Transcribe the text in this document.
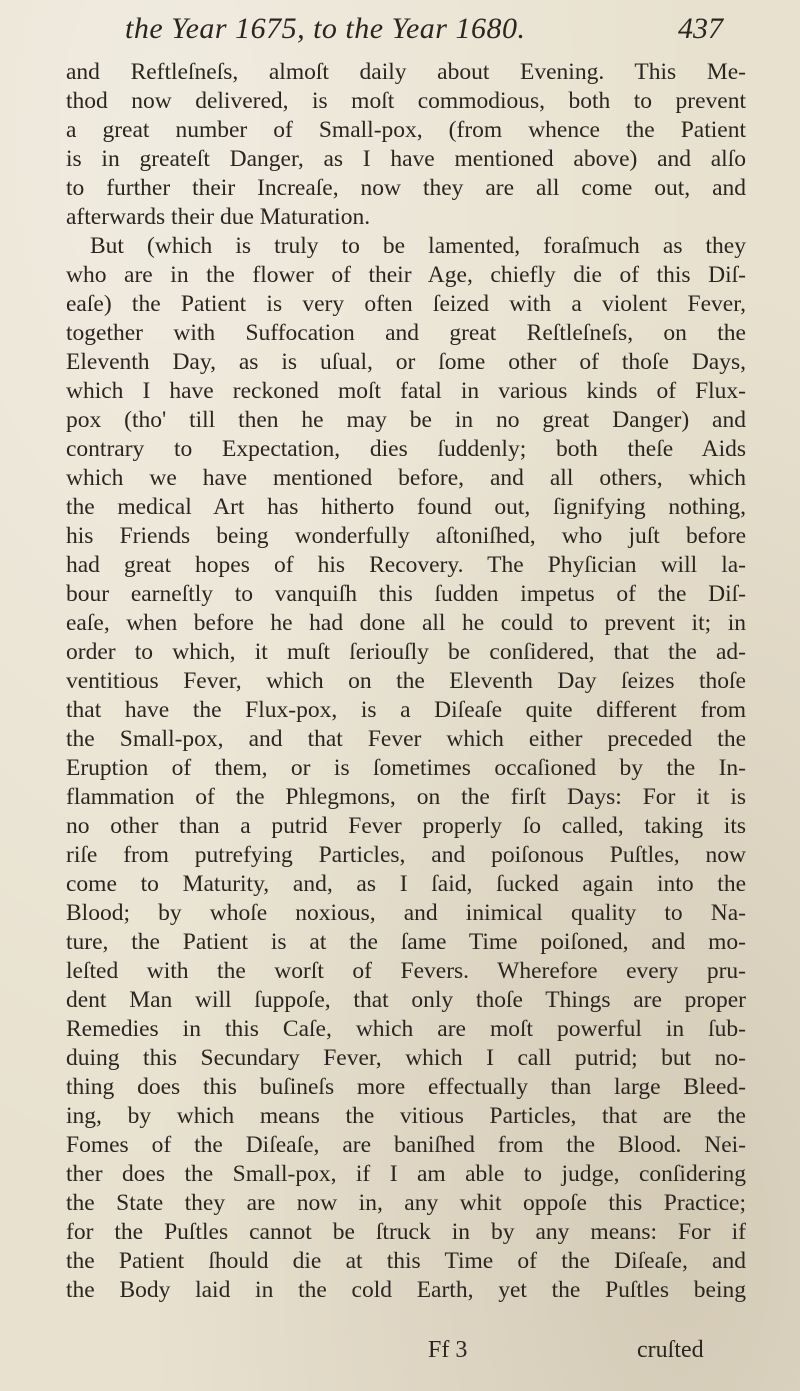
the Year 1675, to the Year 1680.	437
and Reftleſneſs, almoſt daily about Evening. This Me-
thod now delivered, is moſt commodious, both to prevent
a great number of Small-pox, (from whence the Patient
is in greateſt Danger, as I have mentioned above) and alſo
to further their Increaſe, now they are all come out, and
afterwards their due Maturation.
But (which is truly to be lamented, foraſmuch as they
who are in the flower of their Age, chiefly die of this Diſ-
eaſe) the Patient is very often ſeized with a violent Fever,
together with Suffocation and great Reſtleſneſs, on the
Eleventh Day, as is uſual, or ſome other of thoſe Days,
which I have reckoned moſt fatal in various kinds of Flux-
pox (tho' till then he may be in no great Danger) and
contrary to Expectation, dies ſuddenly; both theſe Aids
which we have mentioned before, and all others, which
the medical Art has hitherto found out, ſignifying nothing,
his Friends being wonderfully aſtoniſhed, who juſt before
had great hopes of his Recovery. The Phyſician will la-
bour earneſtly to vanquiſh this ſudden impetus of the Diſ-
eaſe, when before he had done all he could to prevent it; in
order to which, it muſt ſeriouſly be conſidered, that the ad-
ventitious Fever, which on the Eleventh Day ſeizes thoſe
that have the Flux-pox, is a Diſeaſe quite different from
the Small-pox, and that Fever which either preceded the
Eruption of them, or is ſometimes occaſioned by the In-
flammation of the Phlegmons, on the firſt Days: For it is
no other than a putrid Fever properly ſo called, taking its
riſe from putrefying Particles, and poiſonous Puſtles, now
come to Maturity, and, as I ſaid, ſucked again into the
Blood; by whoſe noxious, and inimical quality to Na-
ture, the Patient is at the ſame Time poiſoned, and mo-
leſted with the worſt of Fevers. Wherefore every pru-
dent Man will ſuppoſe, that only thoſe Things are proper
Remedies in this Caſe, which are moſt powerful in ſub-
duing this Secundary Fever, which I call putrid; but no-
thing does this buſineſs more effectually than large Bleed-
ing, by which means the vitious Particles, that are the
Fomes of the Diſeaſe, are baniſhed from the Blood. Nei-
ther does the Small-pox, if I am able to judge, conſidering
the State they are now in, any whit oppoſe this Practice;
for the Puſtles cannot be ſtruck in by any means: For if
the Patient ſhould die at this Time of the Diſeaſe, and
the Body laid in the cold Earth, yet the Puſtles being
Ff 3	cruſted
